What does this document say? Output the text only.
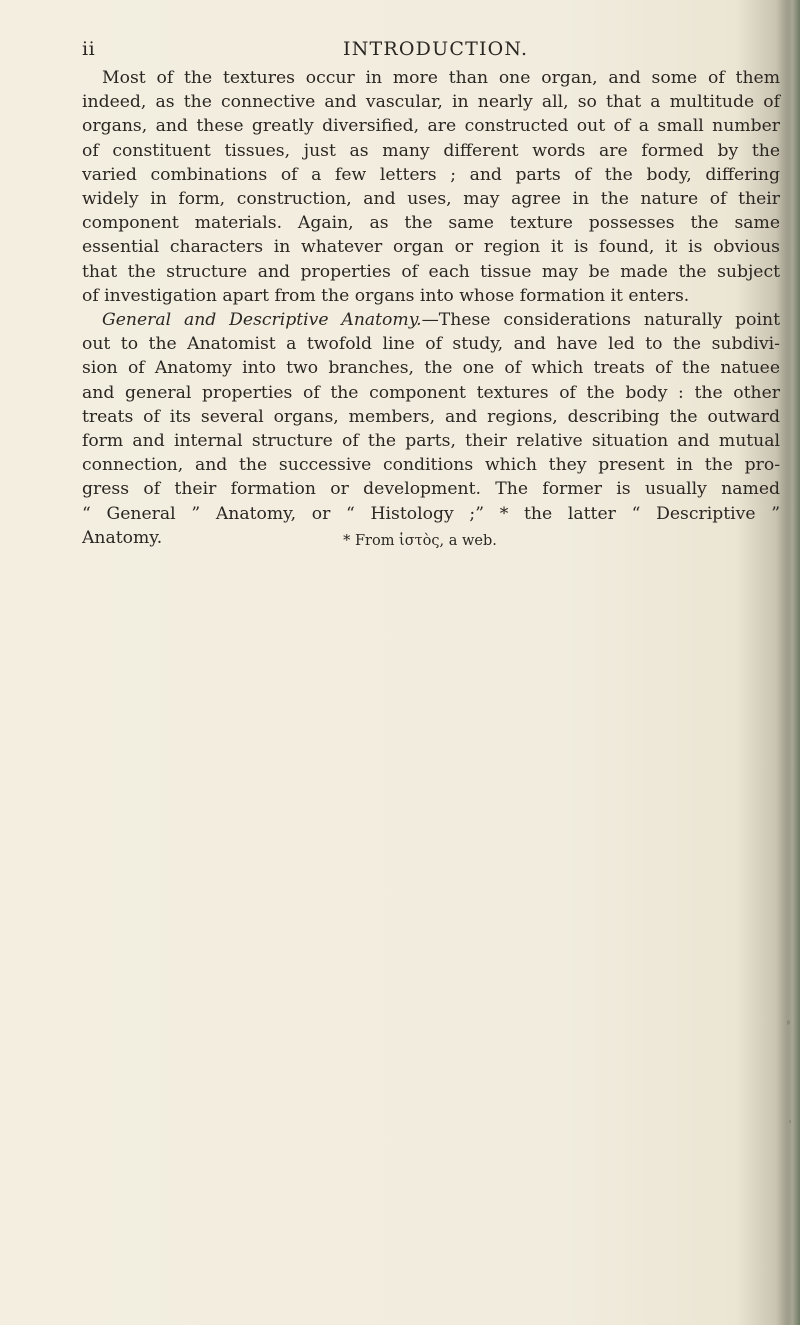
ii	INTRODUCTION.
Most of the textures occur in more than one organ, and some of them
indeed, as the connective and vascular, in nearly all, so that a multitude of
organs, and these greatly diversified, are constructed out of a small number
of constituent tissues, just as many different words are formed by the
varied combinations of a few letters ; and parts of the body, differing
widely in form, construction, and uses, may agree in the nature of their
component materials. Again, as the same texture possesses the same
essential characters in whatever organ or region it is found, it is obvious
that the structure and properties of each tissue may be made the subject
of investigation apart from the organs into whose formation it enters.
General and Descriptive Anatomy.—These considerations naturally point
out to the Anatomist a twofold line of study, and have led to the subdivi-
sion of Anatomy into two branches, the one of which treats of the natuее
and general properties of the component textures of the body : the other
treats of its several organs, members, and regions, describing the outward
form and internal structure of the parts, their relative situation and mutual
connection, and the successive conditions which they present in the pro-
gress of their formation or development. The former is usually named
“ General ” Anatomy, or “ Histology ;” * the latter “ Descriptive ”
Anatomy.	* From ἱστὸς, a web.
